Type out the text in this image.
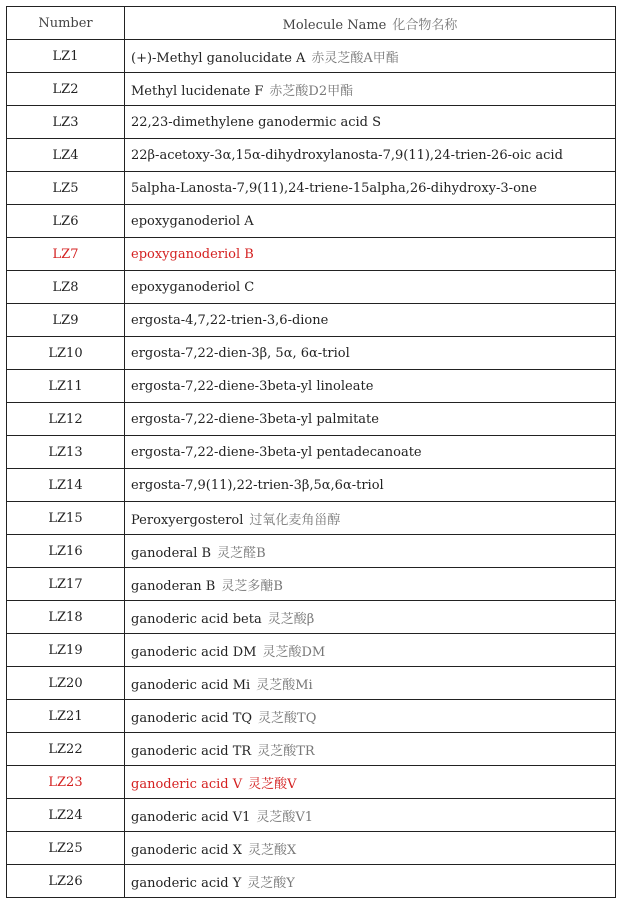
Number	Molecule Name 化合物名称
LZ1	(+)-Methyl ganolucidate A 赤灵芝酸A甲酯
LZ2	Methyl lucidenate F 赤芝酸D2甲酯
LZ3	22,23-dimethylene ganodermic acid S
LZ4	22β-acetoxy-3α,15α-dihydroxylanosta-7,9(11),24-trien-26-oic acid
LZ5	5alpha-Lanosta-7,9(11),24-triene-15alpha,26-dihydroxy-3-one
LZ6	epoxyganoderiol A
LZ7	epoxyganoderiol B
LZ8	epoxyganoderiol C
LZ9	ergosta-4,7,22-trien-3,6-dione
LZ10	ergosta-7,22-dien-3β, 5α, 6α-triol
LZ11	ergosta-7,22-diene-3beta-yl linoleate
LZ12	ergosta-7,22-diene-3beta-yl palmitate
LZ13	ergosta-7,22-diene-3beta-yl pentadecanoate
LZ14	ergosta-7,9(11),22-trien-3β,5α,6α-triol
LZ15	Peroxyergosterol 过氧化麦角甾醇
LZ16	ganoderal B 灵芝醛B
LZ17	ganoderan B 灵芝多醣B
LZ18	ganoderic acid beta 灵芝酸β
LZ19	ganoderic acid DM 灵芝酸DM
LZ20	ganoderic acid Mi 灵芝酸Mi
LZ21	ganoderic acid TQ 灵芝酸TQ
LZ22	ganoderic acid TR 灵芝酸TR
LZ23	ganoderic acid V 灵芝酸V
LZ24	ganoderic acid V1 灵芝酸V1
LZ25	ganoderic acid X 灵芝酸X
LZ26	ganoderic acid Y 灵芝酸Y
